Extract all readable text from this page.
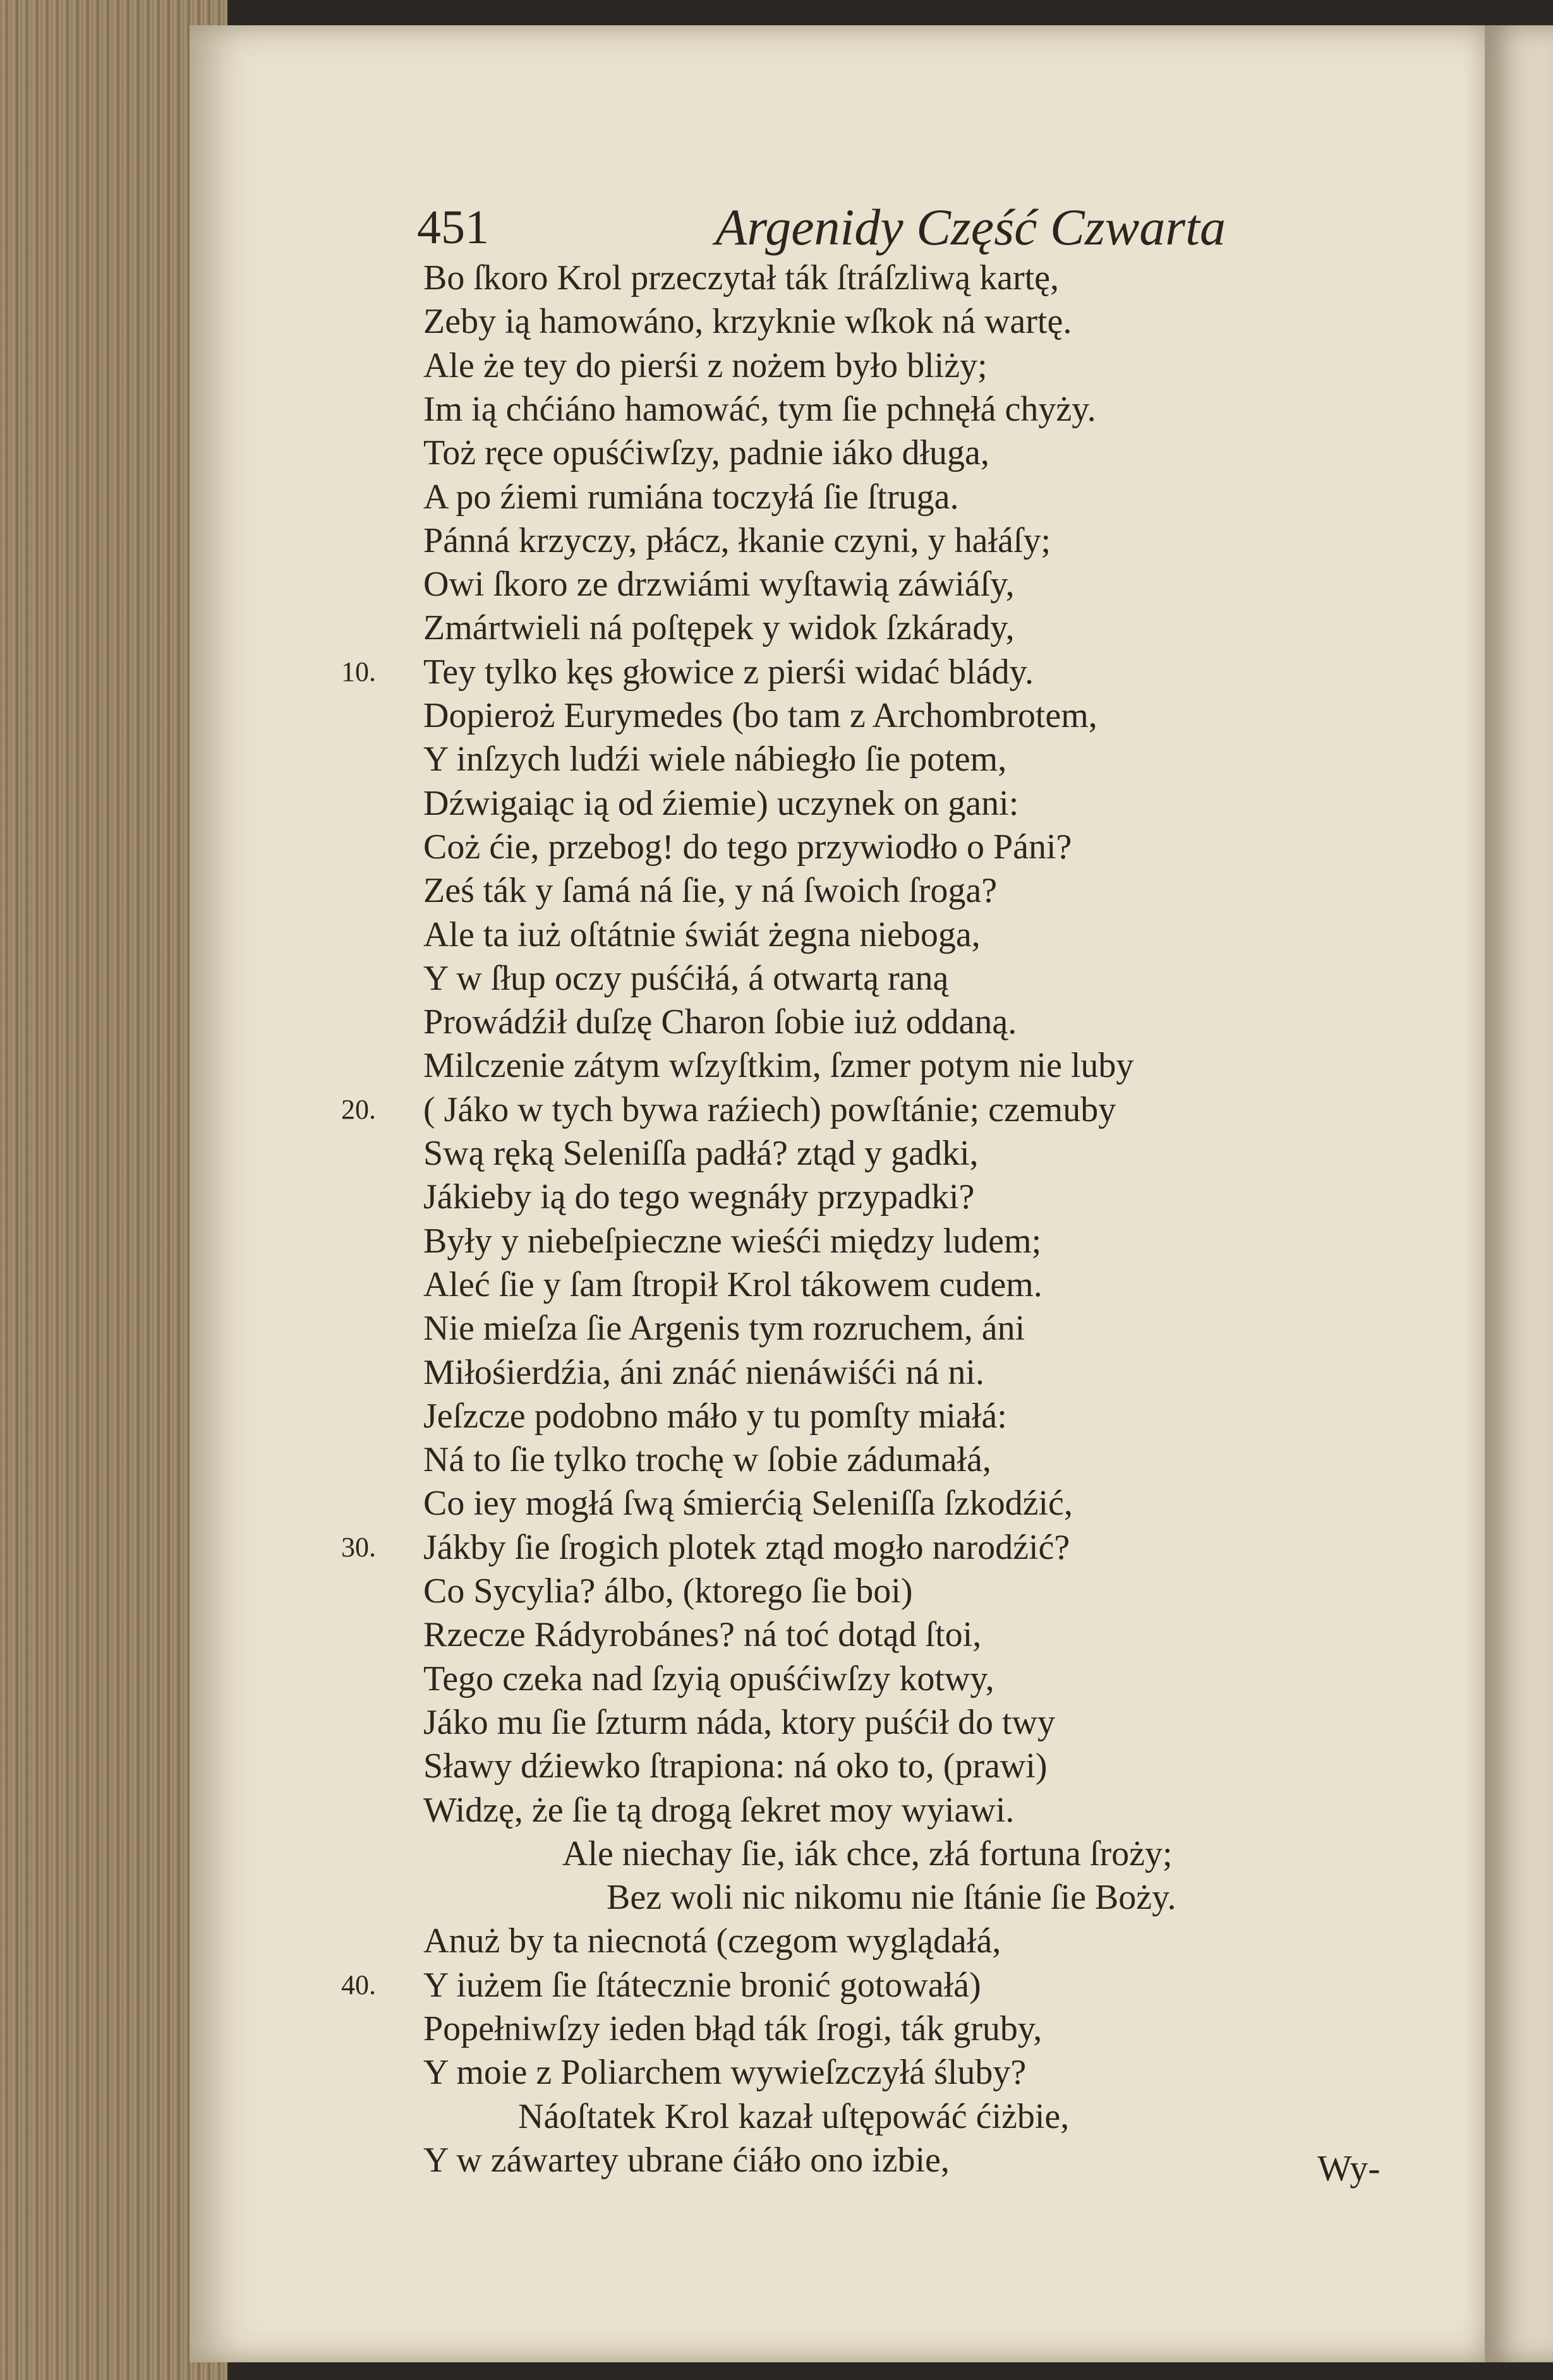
451	Argenidy Część Czwarta
Bo ſkoro Krol przeczytał ták ſtráſzliwą kartę,
Zeby ią hamowáno, krzyknie wſkok ná wartę.
Ale że tey do pierśi z nożem było bliży;
Im ią chćiáno hamowáć, tym ſie pchnęłá chyży.
Toż ręce opuśćiwſzy, padnie iáko długa,
A po źiemi rumiána toczyłá ſie ſtruga.
Pánná krzyczy, płácz, łkanie czyni, y hałáſy;
Owi ſkoro ze drzwiámi wyſtawią záwiáſy,
Zmártwieli ná poſtępek y widok ſzkárady,
10.	Tey tylko kęs głowice z pierśi widać blády.
Dopieroż Eurymedes (bo tam z Archombrotem,
Y inſzych ludźi wiele nábiegło ſie potem,
Dźwigaiąc ią od źiemie) uczynek on gani:
Coż ćie, przebog! do tego przywiodło o Páni?
Ześ ták y ſamá ná ſie, y ná ſwoich ſroga?
Ale ta iuż oſtátnie świát żegna nieboga,
Y w ſłup oczy puśćiłá, á otwartą raną
Prowádźił duſzę Charon ſobie iuż oddaną.
Milczenie zátym wſzyſtkim, ſzmer potym nie luby
20.	( Jáko w tych bywa raźiech) powſtánie; czemuby
Swą ręką Seleniſſa padłá? ztąd y gadki,
Jákieby ią do tego wegnáły przypadki?
Były y niebeſpieczne wieśći między ludem;
Aleć ſie y ſam ſtropił Krol tákowem cudem.
Nie mieſza ſie Argenis tym rozruchem, áni
Miłośierdźia, áni znáć nienáwiśći ná ni.
Jeſzcze podobno máło y tu pomſty miałá:
Ná to ſie tylko trochę w ſobie zádumałá,
Co iey mogłá ſwą śmierćią Seleniſſa ſzkodźić,
30.	Jákby ſie ſrogich plotek ztąd mogło narodźić?
Co Sycylia? álbo, (ktorego ſie boi)
Rzecze Rádyrobánes? ná toć dotąd ſtoi,
Tego czeka nad ſzyią opuśćiwſzy kotwy,
Jáko mu ſie ſzturm náda, ktory puśćił do twy
Sławy dźiewko ſtrapiona: ná oko to, (prawi)
Widzę, że ſie tą drogą ſekret moy wyiawi.
Ale niechay ſie, iák chce, złá fortuna ſroży;
Bez woli nic nikomu nie ſtánie ſie Boży.
Anuż by ta niecnotá (czegom wyglądałá,
40.	Y iużem ſie ſtátecznie bronić gotowałá)
Popełniwſzy ieden błąd ták ſrogi, ták gruby,
Y moie z Poliarchem wywieſzczyłá śluby?
Náoſtatek Krol kazał uſtępowáć ćiżbie,
Y w záwartey ubrane ćiáło ono izbie,	Wy-
